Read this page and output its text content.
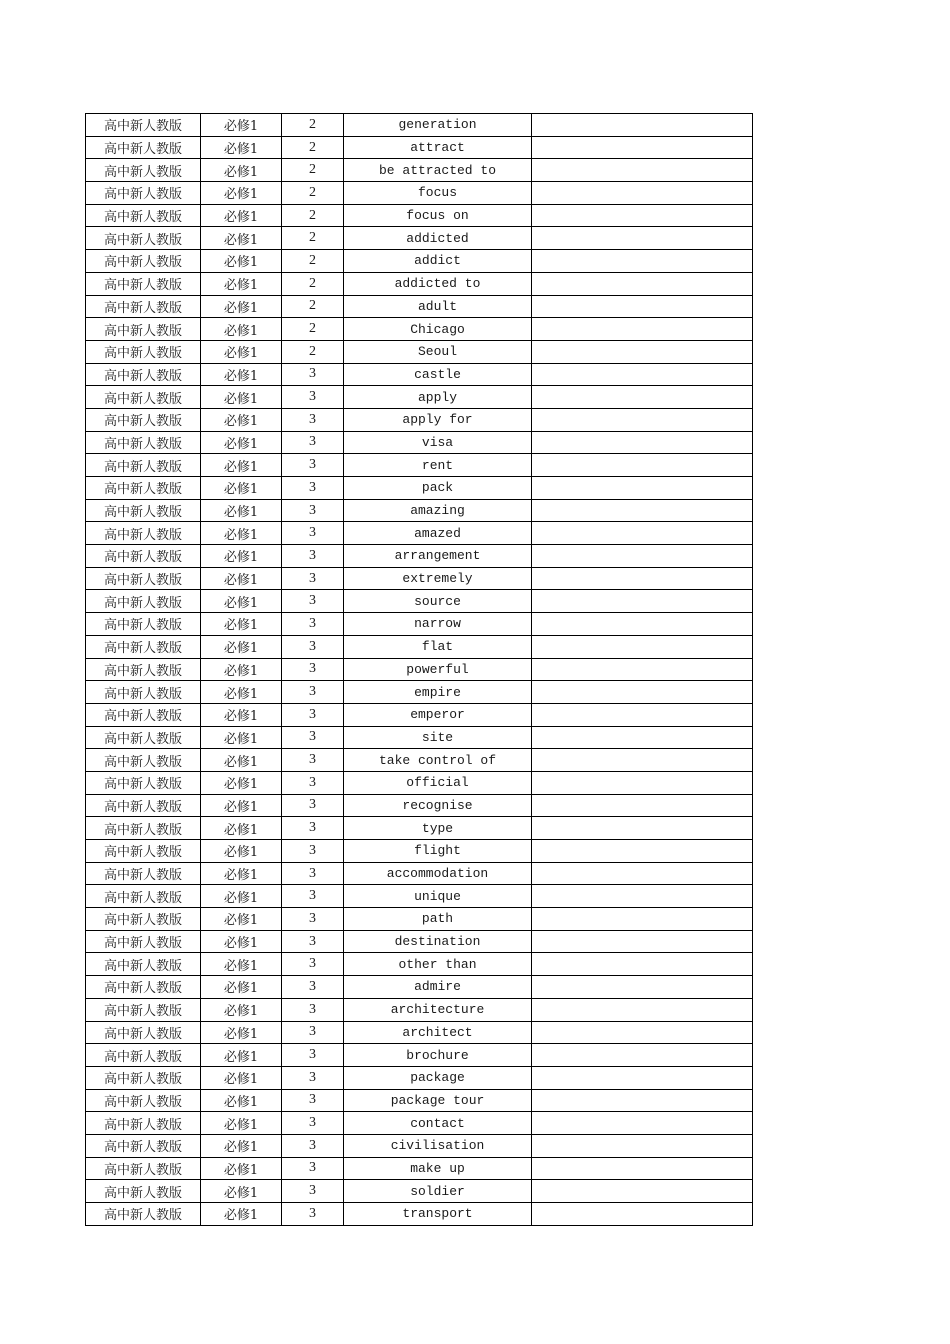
高中新人教版	必修1	2	generation	
高中新人教版	必修1	2	attract	
高中新人教版	必修1	2	be attracted to	
高中新人教版	必修1	2	focus	
高中新人教版	必修1	2	focus on	
高中新人教版	必修1	2	addicted	
高中新人教版	必修1	2	addict	
高中新人教版	必修1	2	addicted to	
高中新人教版	必修1	2	adult	
高中新人教版	必修1	2	Chicago	
高中新人教版	必修1	2	Seoul	
高中新人教版	必修1	3	castle	
高中新人教版	必修1	3	apply	
高中新人教版	必修1	3	apply for	
高中新人教版	必修1	3	visa	
高中新人教版	必修1	3	rent	
高中新人教版	必修1	3	pack	
高中新人教版	必修1	3	amazing	
高中新人教版	必修1	3	amazed	
高中新人教版	必修1	3	arrangement	
高中新人教版	必修1	3	extremely	
高中新人教版	必修1	3	source	
高中新人教版	必修1	3	narrow	
高中新人教版	必修1	3	flat	
高中新人教版	必修1	3	powerful	
高中新人教版	必修1	3	empire	
高中新人教版	必修1	3	emperor	
高中新人教版	必修1	3	site	
高中新人教版	必修1	3	take control of	
高中新人教版	必修1	3	official	
高中新人教版	必修1	3	recognise	
高中新人教版	必修1	3	type	
高中新人教版	必修1	3	flight	
高中新人教版	必修1	3	accommodation	
高中新人教版	必修1	3	unique	
高中新人教版	必修1	3	path	
高中新人教版	必修1	3	destination	
高中新人教版	必修1	3	other than	
高中新人教版	必修1	3	admire	
高中新人教版	必修1	3	architecture	
高中新人教版	必修1	3	architect	
高中新人教版	必修1	3	brochure	
高中新人教版	必修1	3	package	
高中新人教版	必修1	3	package tour	
高中新人教版	必修1	3	contact	
高中新人教版	必修1	3	civilisation	
高中新人教版	必修1	3	make up	
高中新人教版	必修1	3	soldier	
高中新人教版	必修1	3	transport	
